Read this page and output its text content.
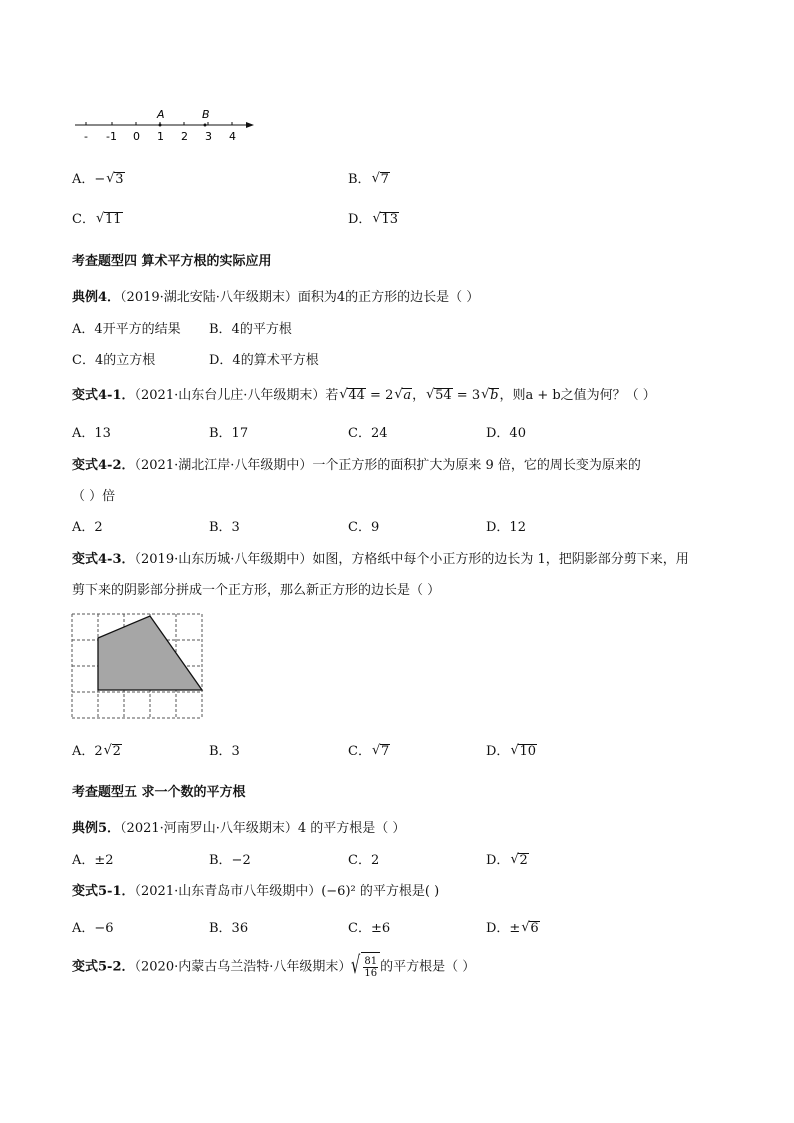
A	B
- -1 0 1 2 3 4
A．− √ 3	B． √ 7
C． √ 11	D． √ 13
考查题型四 算术平方根的实际应用
典例4．（2019·湖北安陆·八年级期末）面积为4的正方形的边长是（ ）
A．4开平方的结果 B．4的平方根
C．4的立方根	D．4的算术平方根
变式4-1．（2021·山东台儿庄·八年级期末）若 √ 44 = 2 √ a， √ 54 = 3 √ b，则a + b之值为何？（ ）
A．13	B．17	C．24	D．40
变式4-2．（2021·湖北江岸·八年级期中）一个正方形的面积扩大为原来 9 倍，它的周长变为原来的
（ ）倍
A．2	B．3	C．9	D．12
变式4-3．（2019·山东历城·八年级期中）如图，方格纸中每个小正方形的边长为 1，把阴影部分剪下来，用
剪下来的阴影部分拼成一个正方形，那么新正方形的边长是（ ）
A．2 √ 2	B．3	C． √ 7	D． √ 10
考查题型五 求一个数的平方根
典例5．（2021·河南罗山·八年级期末）4 的平方根是（ ）
A．±2	B．−2	C．2	D． √ 2
变式5-1．（2021·山东青岛市八年级期中）(−6)² 的平方根是( )
A．−6	B．36	C．±6	D．± √ 6
变式5-2．（2020·内蒙古乌兰浩特·八年级期末） √ $\frac{81}{16}$ 的平方根是（ ）
